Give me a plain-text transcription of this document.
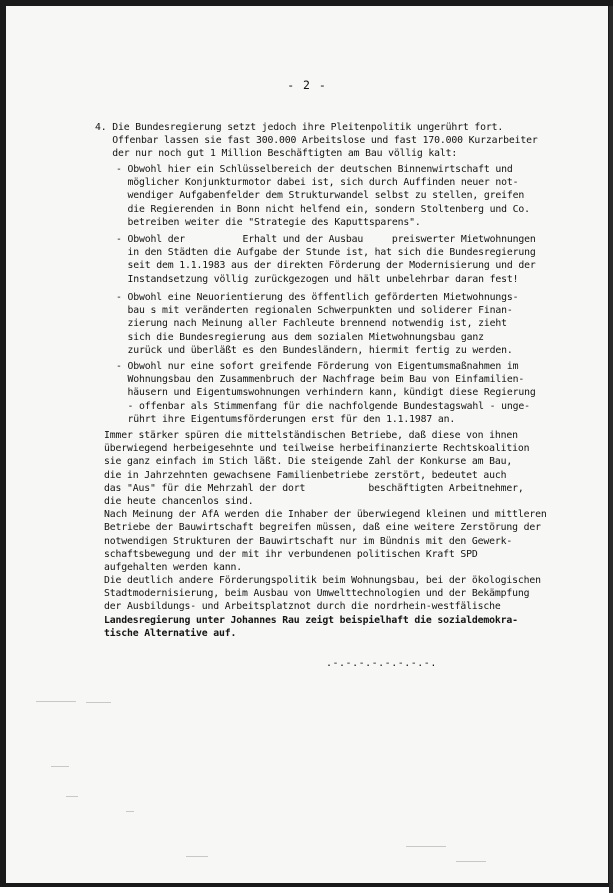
- 2 -
4. Die Bundesregierung setzt jedoch ihre Pleitenpolitik ungerührt fort.
Offenbar lassen sie fast 300.000 Arbeitslose und fast 170.000 Kurzarbeiter
der nur noch gut 1 Million Beschäftigten am Bau völlig kalt:
- Obwohl hier ein Schlüsselbereich der deutschen Binnenwirtschaft und
möglicher Konjunkturmotor dabei ist, sich durch Auffinden neuer not-
wendiger Aufgabenfelder dem Strukturwandel selbst zu stellen, greifen
die Regierenden in Bonn nicht helfend ein, sondern Stoltenberg und Co.
betreiben weiter die "Strategie des Kaputtsparens".
- Obwohl der          Erhalt und der Ausbau     preiswerter Mietwohnungen
in den Städten die Aufgabe der Stunde ist, hat sich die Bundesregierung
seit dem 1.1.1983 aus der direkten Förderung der Modernisierung und der
Instandsetzung völlig zurückgezogen und hält unbelehrbar daran fest!
- Obwohl eine Neuorientierung des öffentlich geförderten Mietwohnungs-
bau s mit veränderten regionalen Schwerpunkten und soliderer Finan-
zierung nach Meinung aller Fachleute brennend notwendig ist, zieht
sich die Bundesregierung aus dem sozialen Mietwohnungsbau ganz
zurück und überläßt es den Bundesländern, hiermit fertig zu werden.
- Obwohl nur eine sofort greifende Förderung von Eigentumsmaßnahmen im
Wohnungsbau den Zusammenbruch der Nachfrage beim Bau von Einfamilien-
häusern und Eigentumswohnungen verhindern kann, kündigt diese Regierung
- offenbar als Stimmenfang für die nachfolgende Bundestagswahl - unge-
rührt ihre Eigentumsförderungen erst für den 1.1.1987 an.
Immer stärker spüren die mittelständischen Betriebe, daß diese von ihnen
überwiegend herbeigesehnte und teilweise herbeifinanzierte Rechtskoalition
sie ganz einfach im Stich läßt. Die steigende Zahl der Konkurse am Bau,
die in Jahrzehnten gewachsene Familienbetriebe zerstört, bedeutet auch
das "Aus" für die Mehrzahl der dort           beschäftigten Arbeitnehmer,
die heute chancenlos sind.
Nach Meinung der AfA werden die Inhaber der überwiegend kleinen und mittleren
Betriebe der Bauwirtschaft begreifen müssen, daß eine weitere Zerstörung der
notwendigen Strukturen der Bauwirtschaft nur im Bündnis mit den Gewerk-
schaftsbewegung und der mit ihr verbundenen politischen Kraft SPD
aufgehalten werden kann.
Die deutlich andere Förderungspolitik beim Wohnungsbau, bei der ökologischen
Stadtmodernisierung, beim Ausbau von Umwelttechnologien und der Bekämpfung
der Ausbildungs- und Arbeitsplatznot durch die nordrhein-westfälische
Landesregierung unter Johannes Rau zeigt beispielhaft die sozialdemokra-
tische Alternative auf.
.-.-.-.-.-.-.-.-.
